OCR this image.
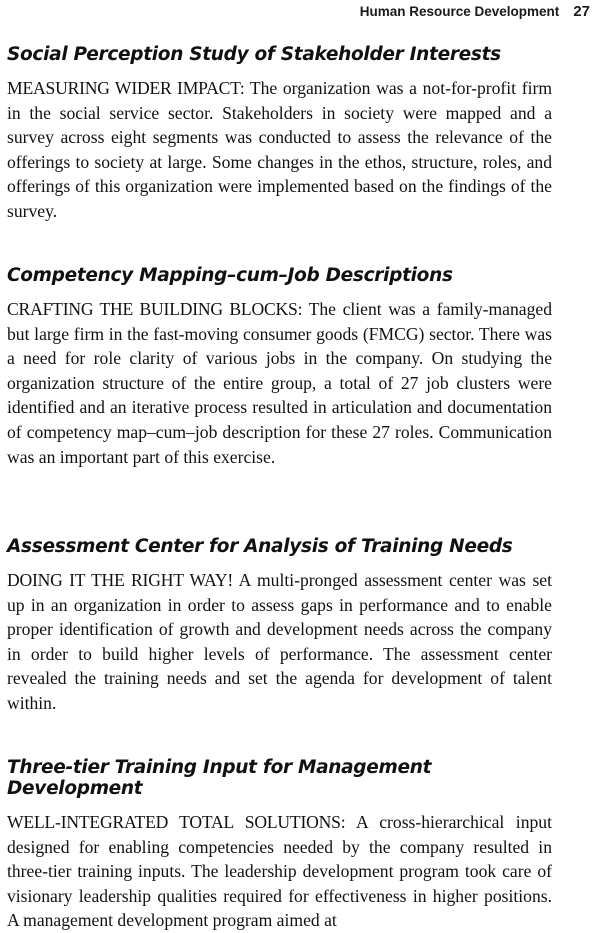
Human Resource Development 27
Social Perception Study of Stakeholder Interests

MEASURING WIDER IMPACT: The organization was a not-for-profit firm in the social service sector. Stakeholders in society were mapped and a survey across eight segments was conducted to assess the relevance of the offerings to society at large. Some changes in the ethos, structure, roles, and offerings of this organization were implemented based on the findings of the survey.

Competency Mapping–cum–Job Descriptions

CRAFTING THE BUILDING BLOCKS: The client was a family-managed but large firm in the fast-moving consumer goods (FMCG) sector. There was a need for role clarity of various jobs in the company. On studying the organization structure of the entire group, a total of 27 job clusters were identified and an iterative process resulted in articulation and documentation of competency map–cum–job description for these 27 roles. Communication was an important part of this exercise.

Assessment Center for Analysis of Training Needs

DOING IT THE RIGHT WAY! A multi-pronged assessment center was set up in an organization in order to assess gaps in performance and to enable proper identification of growth and development needs across the company in order to build higher levels of performance. The assessment center revealed the training needs and set the agenda for development of talent within.

Three-tier Training Input for Management Development

WELL-INTEGRATED TOTAL SOLUTIONS: A cross-hierarchical input designed for enabling competencies needed by the company resulted in three-tier training inputs. The leadership development program took care of visionary leadership qualities required for effectiveness in higher positions. A management development program aimed at
